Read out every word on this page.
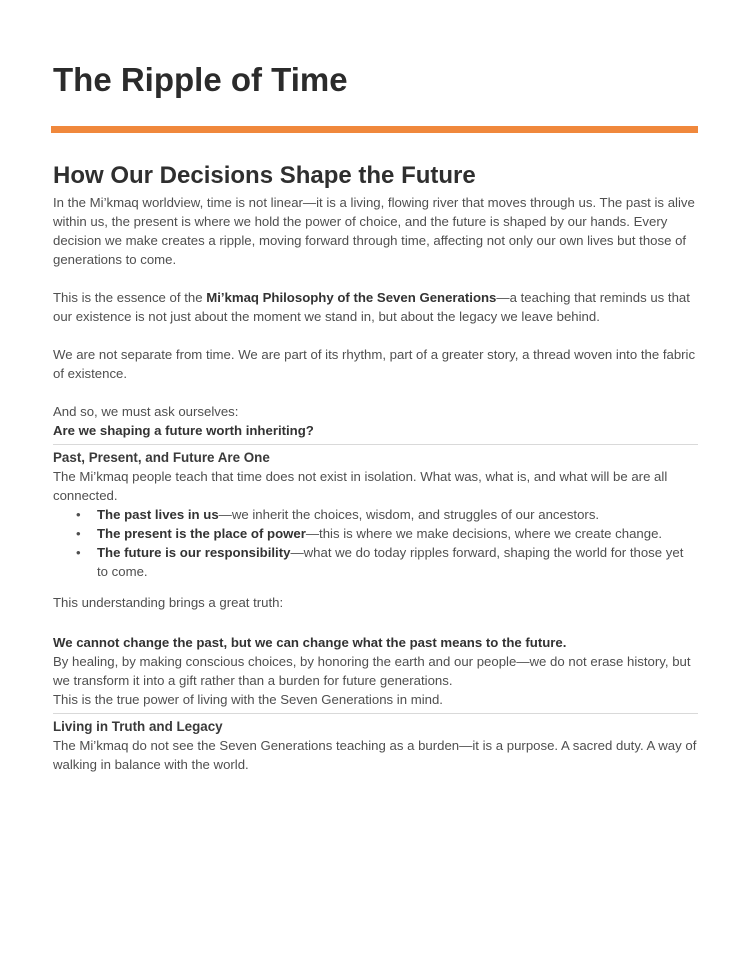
The Ripple of Time
How Our Decisions Shape the Future

In the Mi’kmaq worldview, time is not linear—it is a living, flowing river that moves through us. The past is alive within us, the present is where we hold the power of choice, and the future is shaped by our hands. Every decision we make creates a ripple, moving forward through time, affecting not only our own lives but those of generations to come.

This is the essence of the Mi’kmaq Philosophy of the Seven Generations—a teaching that reminds us that our existence is not just about the moment we stand in, but about the legacy we leave behind.

We are not separate from time. We are part of its rhythm, part of a greater story, a thread woven into the fabric of existence.

And so, we must ask ourselves:

Are we shaping a future worth inheriting?

Past, Present, and Future Are One

The Mi’kmaq people teach that time does not exist in isolation. What was, what is, and what will be are all connected.

• The past lives in us—we inherit the choices, wisdom, and struggles of our ancestors.
• The present is the place of power—this is where we make decisions, where we create change.
• The future is our responsibility—what we do today ripples forward, shaping the world for those yet to come.

This understanding brings a great truth:

We cannot change the past, but we can change what the past means to the future.

By healing, by making conscious choices, by honoring the earth and our people—we do not erase history, but we transform it into a gift rather than a burden for future generations.

This is the true power of living with the Seven Generations in mind.

Living in Truth and Legacy

The Mi’kmaq do not see the Seven Generations teaching as a burden—it is a purpose. A sacred duty. A way of walking in balance with the world.
